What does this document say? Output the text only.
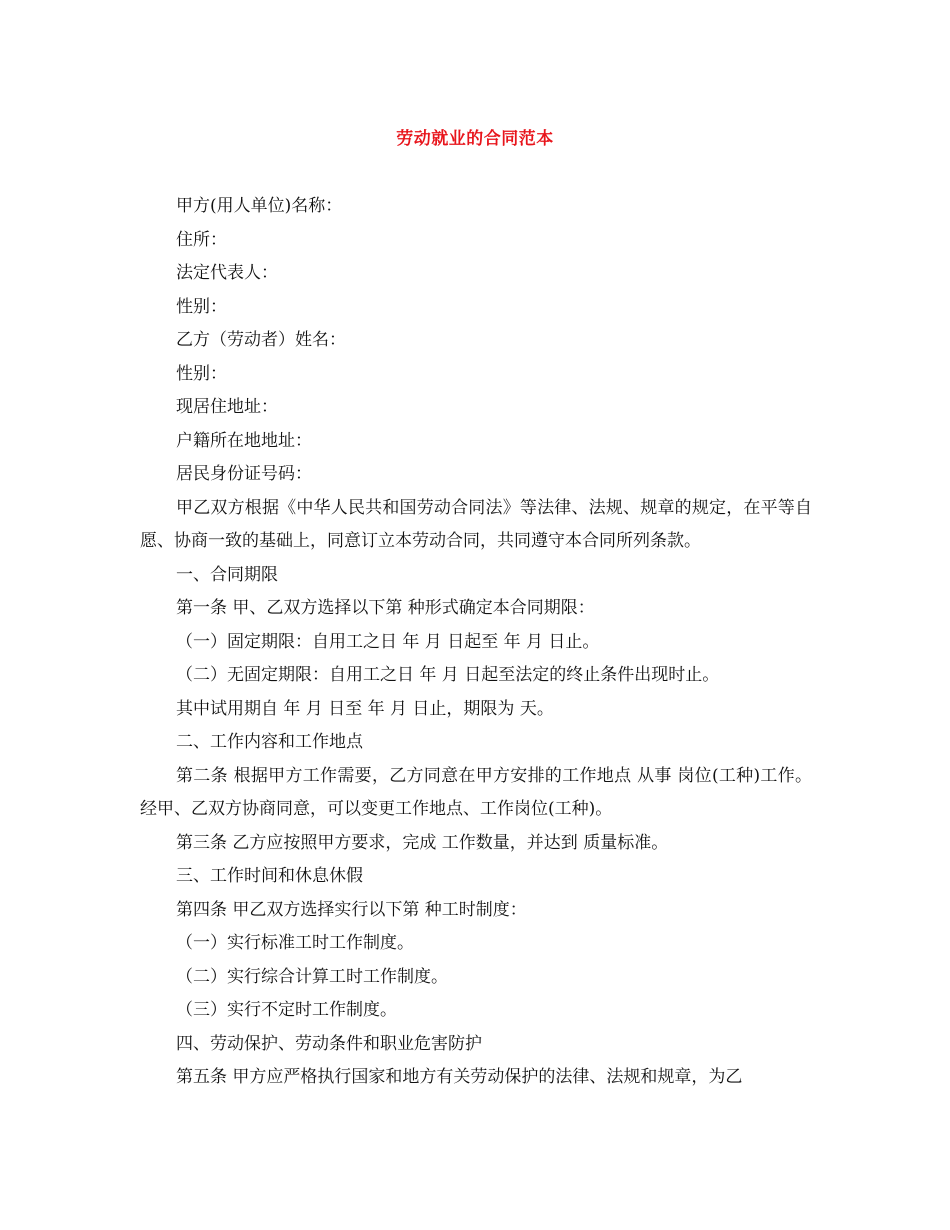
劳动就业的合同范本

甲方(用人单位)名称：

住所：

法定代表人：

性别：

乙方（劳动者）姓名：

性别：

现居住地址：

户籍所在地地址：

居民身份证号码：

甲乙双方根据《中华人民共和国劳动合同法》等法律、法规、规章的规定，在平等自愿、协商一致的基础上，同意订立本劳动合同，共同遵守本合同所列条款。

一、合同期限

第一条 甲、乙双方选择以下第 种形式确定本合同期限：

（一）固定期限：自用工之日 年 月 日起至 年 月 日止。

（二）无固定期限：自用工之日 年 月 日起至法定的终止条件出现时止。

其中试用期自 年 月 日至 年 月 日止，期限为 天。

二、工作内容和工作地点

第二条 根据甲方工作需要，乙方同意在甲方安排的工作地点 从事 岗位(工种)工作。经甲、乙双方协商同意，可以变更工作地点、工作岗位(工种)。

第三条 乙方应按照甲方要求，完成 工作数量，并达到 质量标准。

三、工作时间和休息休假

第四条 甲乙双方选择实行以下第 种工时制度：

（一）实行标准工时工作制度。

（二）实行综合计算工时工作制度。

（三）实行不定时工作制度。

四、劳动保护、劳动条件和职业危害防护

第五条 甲方应严格执行国家和地方有关劳动保护的法律、法规和规章，为乙
